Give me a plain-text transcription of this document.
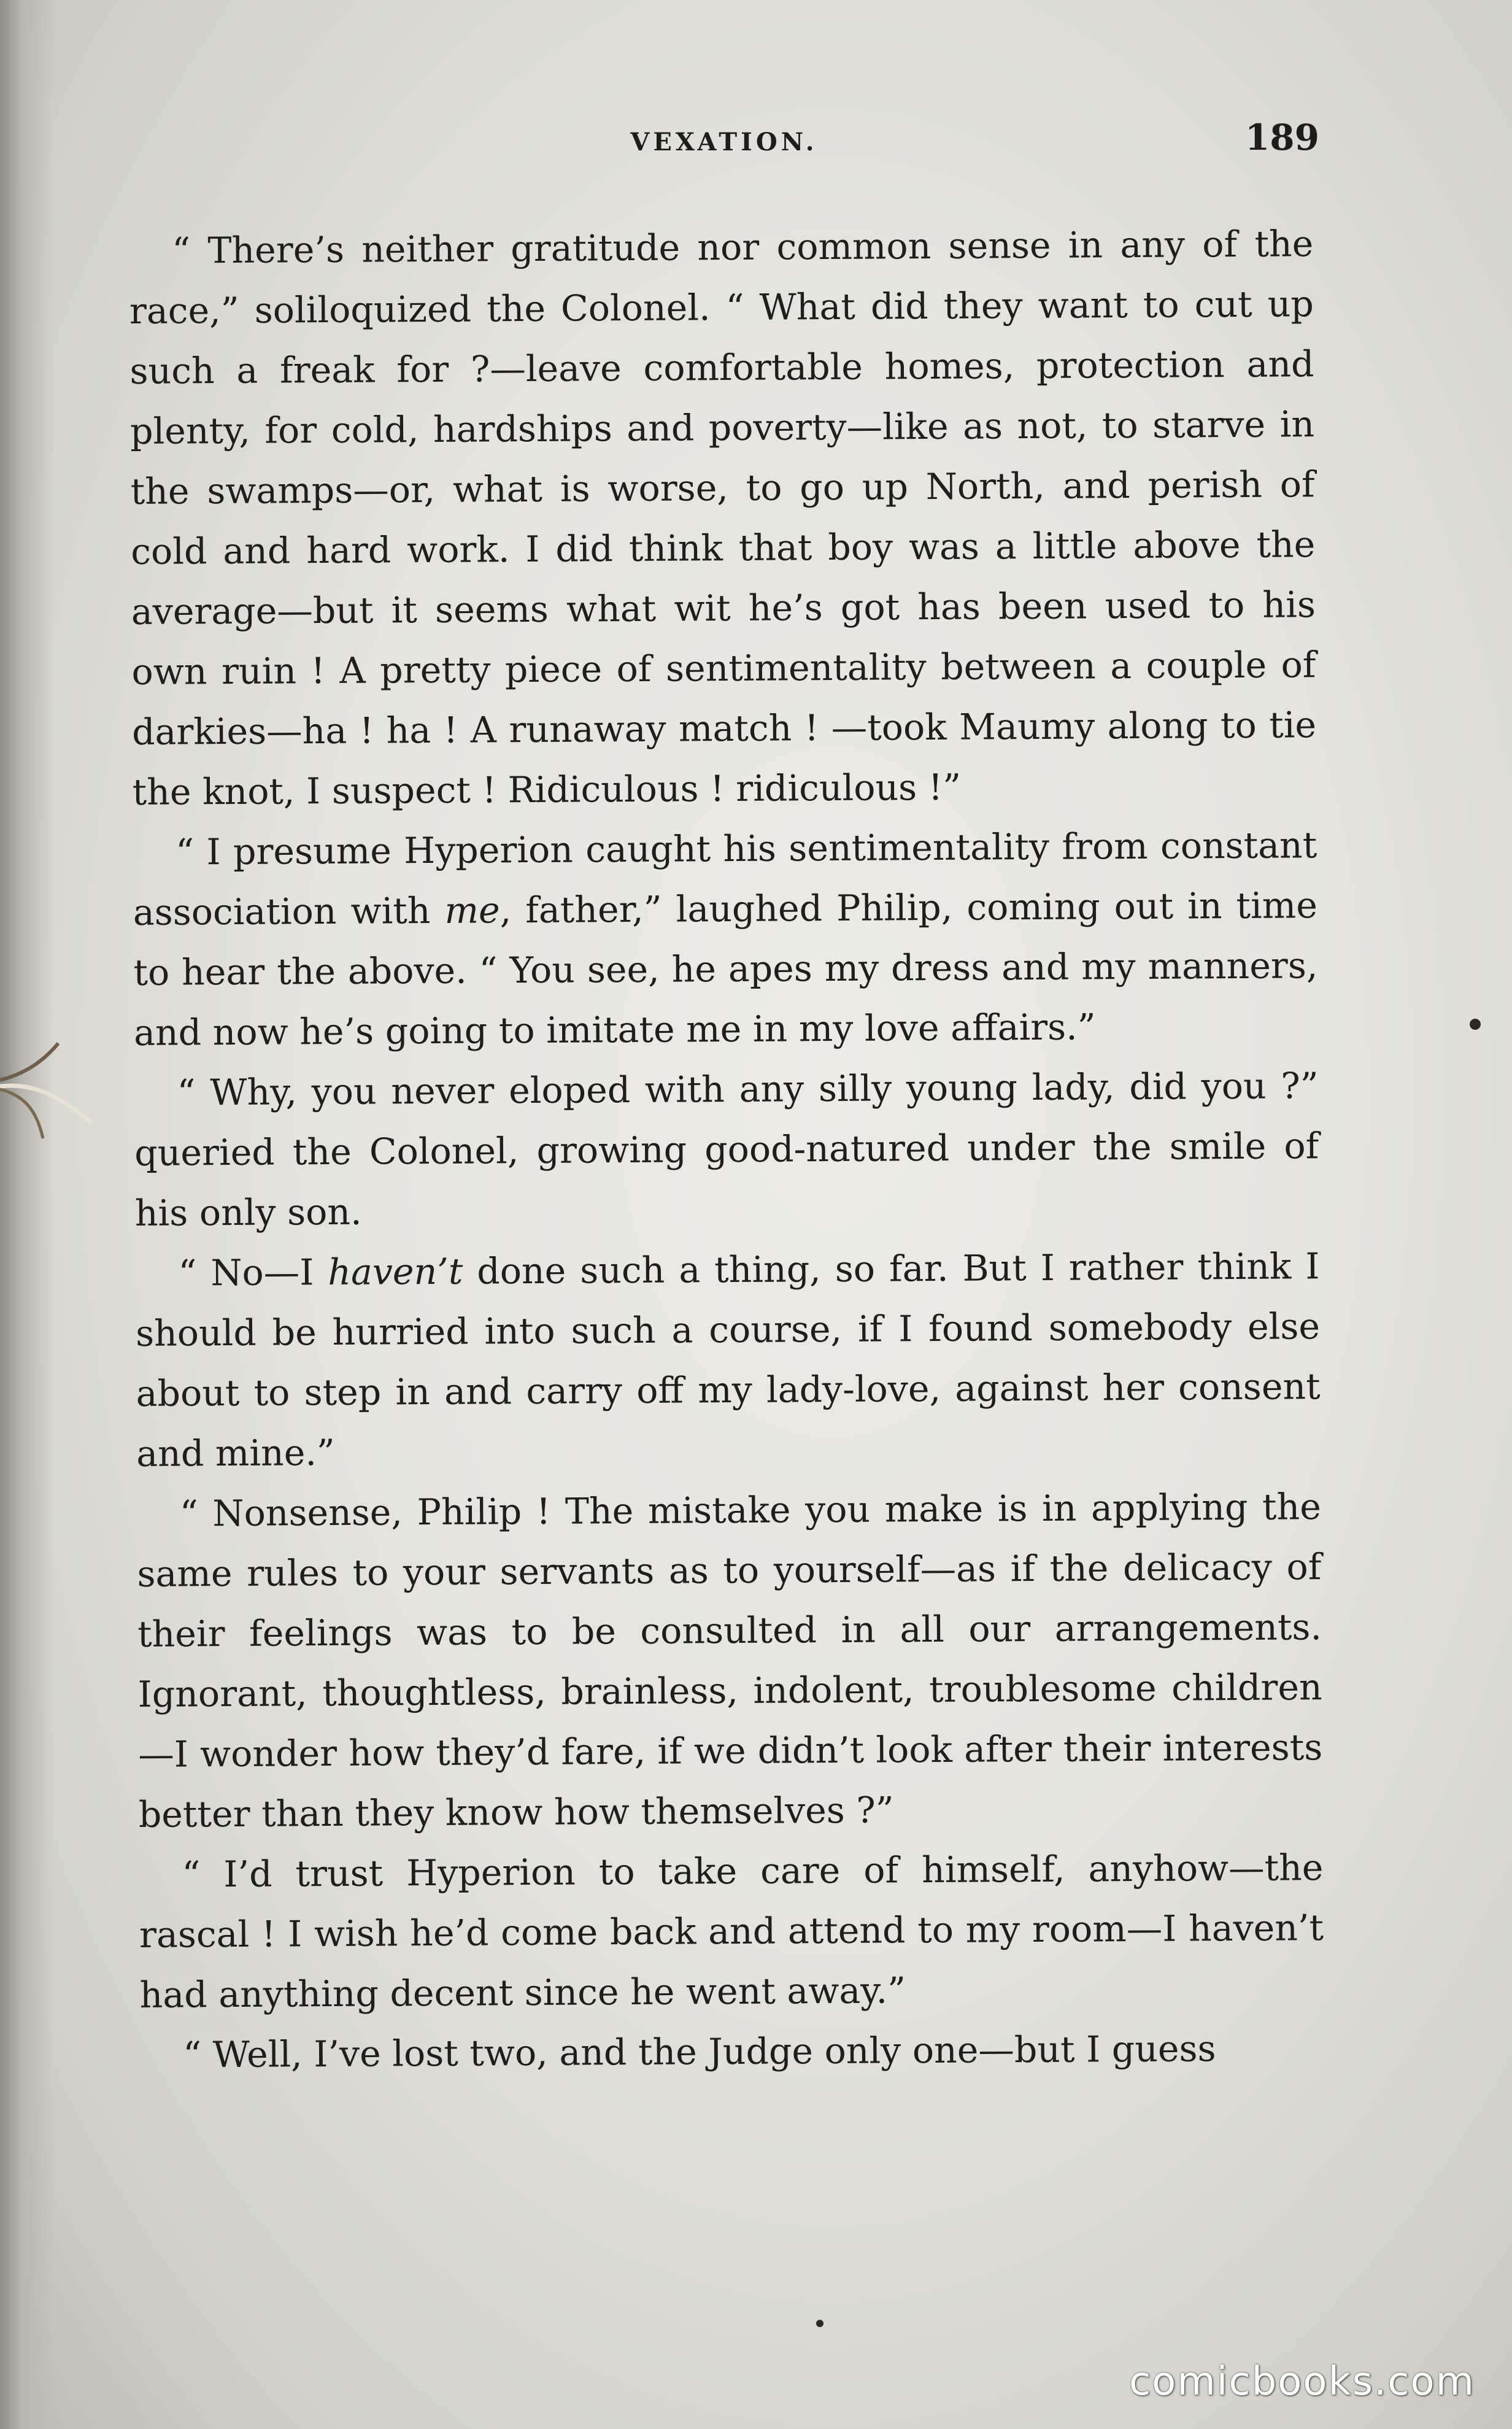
VEXATION.	189

“ There’s neither gratitude nor common sense in any of the race,” soliloquized the Colonel. “ What did they want to cut up such a freak for ?—leave comfortable homes, protection and plenty, for cold, hardships and poverty—like as not, to starve in the swamps—or, what is worse, to go up North, and perish of cold and hard work. I did think that boy was a little above the average—but it seems what wit he’s got has been used to his own ruin ! A pretty piece of sentimentality between a couple of darkies—ha ! ha ! A runaway match ! —took Maumy along to tie the knot, I suspect ! Ridiculous ! ridiculous !”

“ I presume Hyperion caught his sentimentality from constant association with me, father,” laughed Philip, coming out in time to hear the above. “ You see, he apes my dress and my manners, and now he’s going to imitate me in my love affairs.”

“ Why, you never eloped with any silly young lady, did you ?” queried the Colonel, growing good-natured under the smile of his only son.

“ No—I haven’t done such a thing, so far. But I rather think I should be hurried into such a course, if I found somebody else about to step in and carry off my lady-love, against her consent and mine.”

“ Nonsense, Philip ! The mistake you make is in applying the same rules to your servants as to yourself—as if the delicacy of their feelings was to be consulted in all our arrangements. Ignorant, thoughtless, brainless, indolent, troublesome children—I wonder how they’d fare, if we didn’t look after their interests better than they know how themselves ?”

“ I’d trust Hyperion to take care of himself, anyhow—the rascal ! I wish he’d come back and attend to my room—I haven’t had anything decent since he went away.”

“ Well, I’ve lost two, and the Judge only one—but I guess

comicbooks.com
